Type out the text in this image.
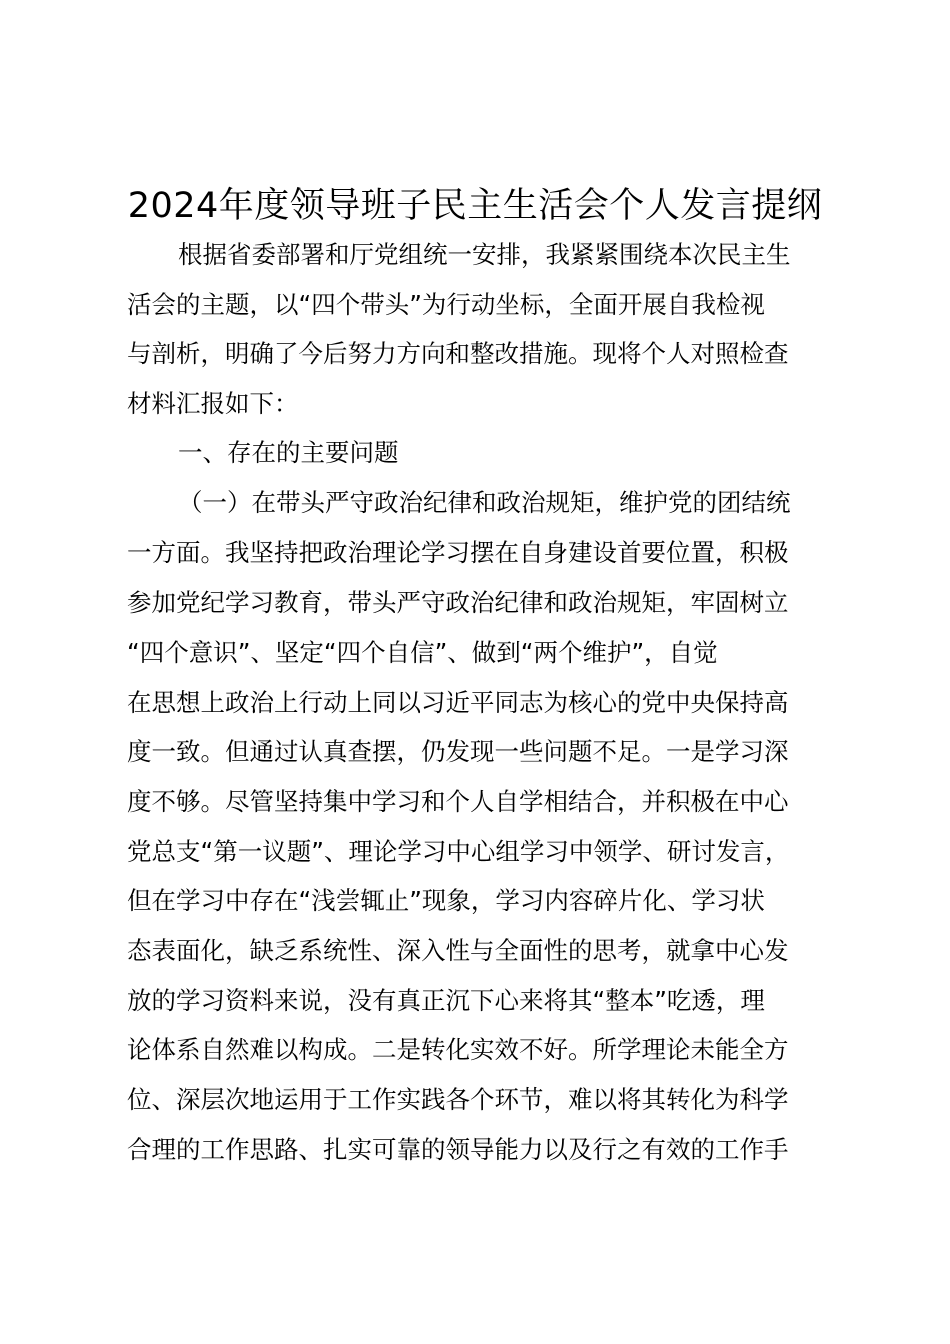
2024年度领导班子民主生活会个人发言提纲
根据省委部署和厅党组统一安排，我紧紧围绕本次民主生
活会的主题，以“四个带头”为行动坐标，全面开展自我检视
与剖析，明确了今后努力方向和整改措施。现将个人对照检查
材料汇报如下：
一、存在的主要问题
（一）在带头严守政治纪律和政治规矩，维护党的团结统
一方面。我坚持把政治理论学习摆在自身建设首要位置，积极
参加党纪学习教育，带头严守政治纪律和政治规矩，牢固树立
“四个意识”、坚定“四个自信”、做到“两个维护”，自觉
在思想上政治上行动上同以习近平同志为核心的党中央保持高
度一致。但通过认真查摆，仍发现一些问题不足。一是学习深
度不够。尽管坚持集中学习和个人自学相结合，并积极在中心
党总支“第一议题”、理论学习中心组学习中领学、研讨发言，
但在学习中存在“浅尝辄止”现象，学习内容碎片化、学习状
态表面化，缺乏系统性、深入性与全面性的思考，就拿中心发
放的学习资料来说，没有真正沉下心来将其“整本”吃透，理
论体系自然难以构成。二是转化实效不好。所学理论未能全方
位、深层次地运用于工作实践各个环节，难以将其转化为科学
合理的工作思路、扎实可靠的领导能力以及行之有效的工作手
